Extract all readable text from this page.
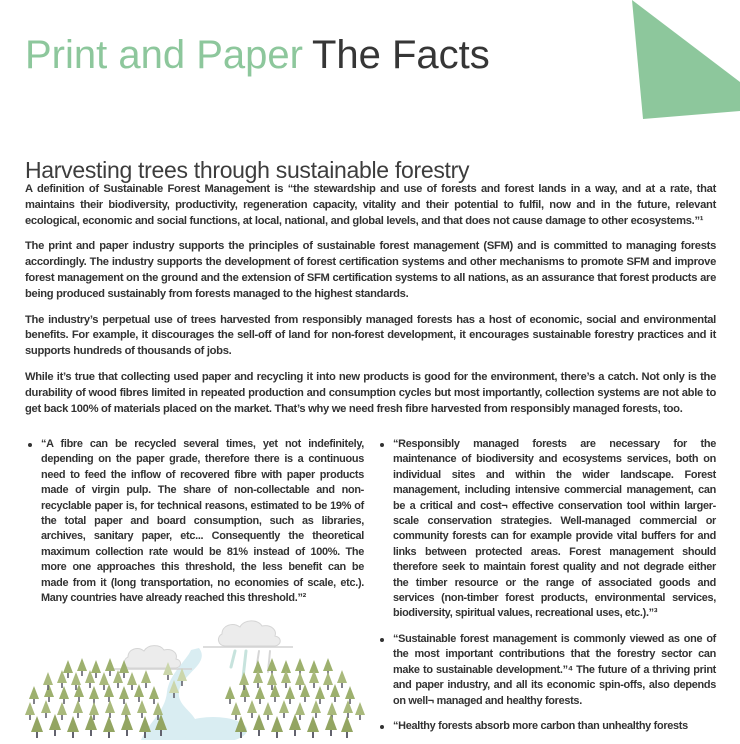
Print and Paper The Facts
Harvesting trees through sustainable forestry

A definition of Sustainable Forest Management is “the stewardship and use of forests and forest lands in a way, and at a rate, that maintains their biodiversity, productivity, regeneration capacity, vitality and their potential to fulfil, now and in the future, relevant ecological, economic and social functions, at local, national, and global levels, and that does not cause damage to other ecosystems.”¹

The print and paper industry supports the principles of sustainable forest management (SFM) and is committed to managing forests accordingly. The industry supports the development of forest certification systems and other mechanisms to promote SFM and improve forest management on the ground and the extension of SFM certification systems to all nations, as an assurance that forest products are being produced sustainably from forests managed to the highest standards.

The industry’s perpetual use of trees harvested from responsibly managed forests has a host of economic, social and environmental benefits. For example, it discourages the sell-off of land for non-forest development, it encourages sustainable forestry practices and it supports hundreds of thousands of jobs.

While it’s true that collecting used paper and recycling it into new products is good for the environment, there’s a catch. Not only is the durability of wood fibres limited in repeated production and consumption cycles but most importantly, collection systems are not able to get back 100% of materials placed on the market. That’s why we need fresh fibre harvested from responsibly managed forests, too.

“A fibre can be recycled several times, yet not indefinitely, depending on the paper grade, therefore there is a continuous need to feed the inflow of recovered fibre with paper products made of virgin pulp. The share of non-collectable and non-recyclable paper is, for technical reasons, estimated to be 19% of the total paper and board consumption, such as libraries, archives, sanitary paper, etc... Consequently the theoretical maximum collection rate would be 81% instead of 100%. The more one approaches this threshold, the less benefit can be made from it (long transportation, no economies of scale, etc.). Many countries have already reached this threshold.”²
“Responsibly managed forests are necessary for the maintenance of biodiversity and ecosystems services, both on individual sites and within the wider landscape. Forest management, including intensive commercial management, can be a critical and cost¬ effective conservation tool within larger-scale conservation strategies. Well-managed commercial or community forests can for example provide vital buffers for and links between protected areas. Forest management should therefore seek to maintain forest quality and not degrade either the timber resource or the range of associated goods and services (non-timber forest products, environmental services, biodiversity, spiritual values, recreational uses, etc.).”³
“Sustainable forest management is commonly viewed as one of the most important contributions that the forestry sector can make to sustainable development.”⁴ The future of a thriving print and paper industry, and all its economic spin-offs, also depends on well¬ managed and healthy forests.
“Healthy forests absorb more carbon than unhealthy forests
